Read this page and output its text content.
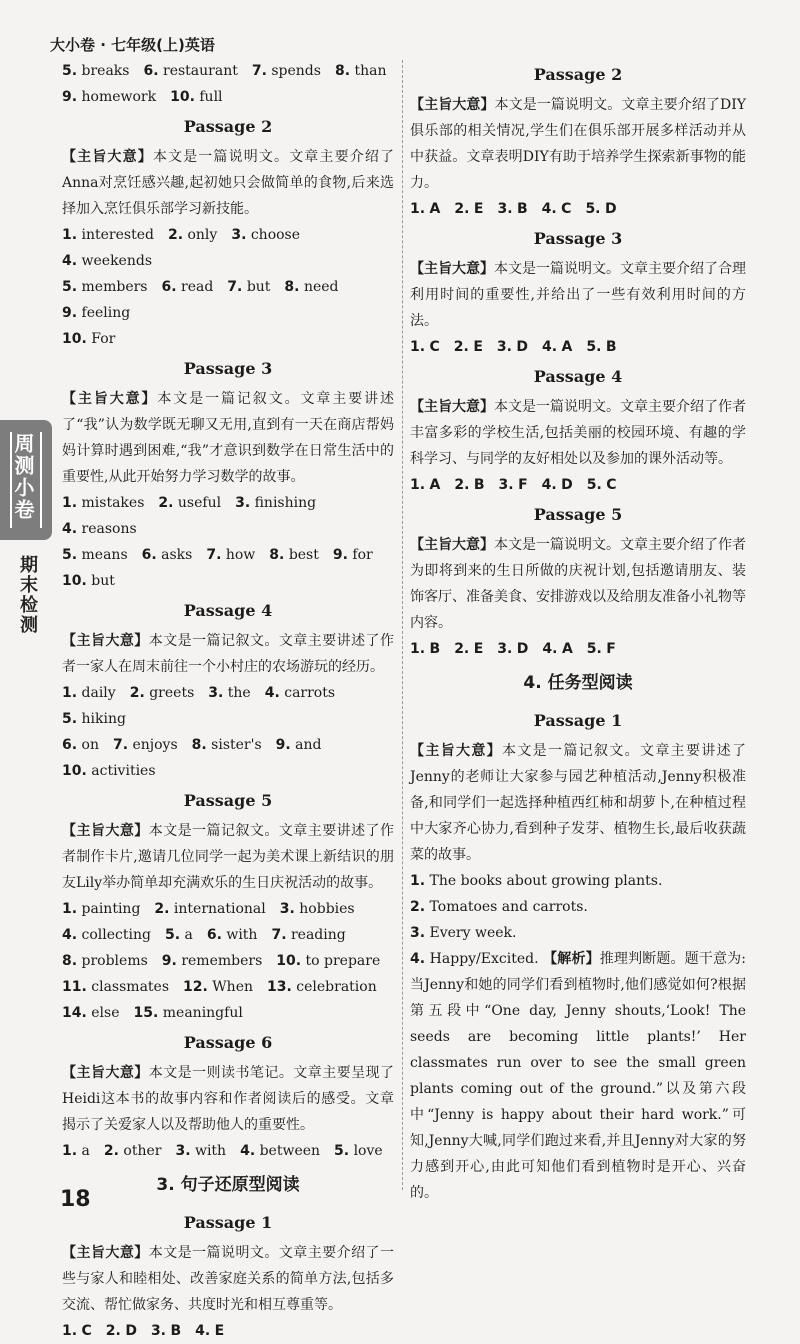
大小卷 · 七年级(上)英语
周测小卷
期末检测
5. breaks 6. restaurant 7. spends 8. than
9. homework 10. full
Passage 2
【主旨大意】本文是一篇说明文。文章主要介绍了Anna对烹饪感兴趣,起初她只会做简单的食物,后来选择加入烹饪俱乐部学习新技能。
1. interested 2. only 3. choose
4. weekends
5. members 6. read 7. but 8. need
9. feeling
10. For
Passage 3
【主旨大意】本文是一篇记叙文。文章主要讲述了“我”认为数学既无聊又无用,直到有一天在商店帮妈妈计算时遇到困难,“我”才意识到数学在日常生活中的重要性,从此开始努力学习数学的故事。
1. mistakes 2. useful 3. finishing
4. reasons
5. means 6. asks 7. how 8. best 9. for
10. but
Passage 4
【主旨大意】本文是一篇记叙文。文章主要讲述了作者一家人在周末前往一个小村庄的农场游玩的经历。
1. daily 2. greets 3. the 4. carrots
5. hiking
6. on 7. enjoys 8. sister's 9. and
10. activities
Passage 5
【主旨大意】本文是一篇记叙文。文章主要讲述了作者制作卡片,邀请几位同学一起为美术课上新结识的朋友Lily举办简单却充满欢乐的生日庆祝活动的故事。
1. painting 2. international 3. hobbies
4. collecting 5. a 6. with 7. reading
8. problems 9. remembers 10. to prepare
11. classmates 12. When 13. celebration
14. else 15. meaningful
Passage 6
【主旨大意】本文是一则读书笔记。文章主要呈现了Heidi这本书的故事内容和作者阅读后的感受。文章揭示了关爱家人以及帮助他人的重要性。
1. a 2. other 3. with 4. between 5. love
3. 句子还原型阅读
Passage 1
【主旨大意】本文是一篇说明文。文章主要介绍了一些与家人和睦相处、改善家庭关系的简单方法,包括多交流、帮忙做家务、共度时光和相互尊重等。
1. C 2. D 3. B 4. E
Passage 2
【主旨大意】本文是一篇说明文。文章主要介绍了DIY俱乐部的相关情况,学生们在俱乐部开展多样活动并从中获益。文章表明DIY有助于培养学生探索新事物的能力。
1. A 2. E 3. B 4. C 5. D
Passage 3
【主旨大意】本文是一篇说明文。文章主要介绍了合理利用时间的重要性,并给出了一些有效利用时间的方法。
1. C 2. E 3. D 4. A 5. B
Passage 4
【主旨大意】本文是一篇说明文。文章主要介绍了作者丰富多彩的学校生活,包括美丽的校园环境、有趣的学科学习、与同学的友好相处以及参加的课外活动等。
1. A 2. B 3. F 4. D 5. C
Passage 5
【主旨大意】本文是一篇说明文。文章主要介绍了作者为即将到来的生日所做的庆祝计划,包括邀请朋友、装饰客厅、准备美食、安排游戏以及给朋友准备小礼物等内容。
1. B 2. E 3. D 4. A 5. F
4. 任务型阅读
Passage 1
【主旨大意】本文是一篇记叙文。文章主要讲述了Jenny的老师让大家参与园艺种植活动,Jenny积极准备,和同学们一起选择种植西红柿和胡萝卜,在种植过程中大家齐心协力,看到种子发芽、植物生长,最后收获蔬菜的故事。
1. The books about growing plants.
2. Tomatoes and carrots.
3. Every week.
4. Happy/Excited. 【解析】推理判断题。题干意为:当Jenny和她的同学们看到植物时,他们感觉如何?根据第五段中“One day, Jenny shouts,‘Look! The seeds are becoming little plants!’ Her classmates run over to see the small green plants coming out of the ground.”以及第六段中“Jenny is happy about their hard work.”可知,Jenny大喊,同学们跑过来看,并且Jenny对大家的努力感到开心,由此可知他们看到植物时是开心、兴奋的。
18
